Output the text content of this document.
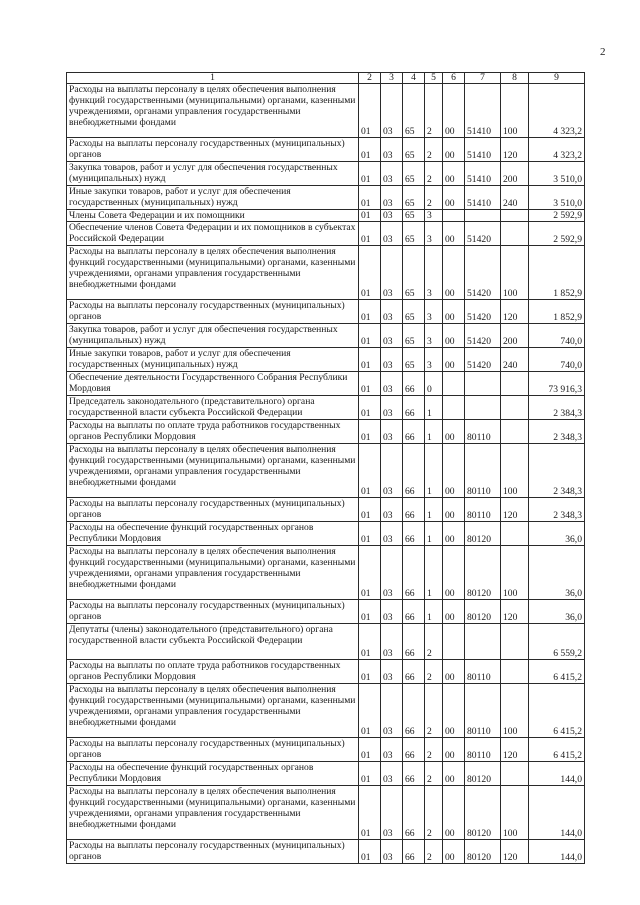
2
1	2	3	4	5	6	7	8	9
Расходы на выплаты персоналу в целях обеспечения выполнения функций государственными (муниципальными) органами, казенными учреждениями, органами управления государственными внебюджетными фондами	01	03	65	2	00	51410	100	4 323,2
Расходы на выплаты персоналу государственных (муниципальных) органов	01	03	65	2	00	51410	120	4 323,2
Закупка товаров, работ и услуг для обеспечения государственных (муниципальных) нужд	01	03	65	2	00	51410	200	3 510,0
Иные закупки товаров, работ и услуг для обеспечения государственных (муниципальных) нужд	01	03	65	2	00	51410	240	3 510,0
Члены Совета Федерации и их помощники	01	03	65	3				2 592,9
Обеспечение членов Совета Федерации и их помощников в субъектах Российской Федерации	01	03	65	3	00	51420		2 592,9
Расходы на выплаты персоналу в целях обеспечения выполнения функций государственными (муниципальными) органами, казенными учреждениями, органами управления государственными внебюджетными фондами	01	03	65	3	00	51420	100	1 852,9
Расходы на выплаты персоналу государственных (муниципальных) органов	01	03	65	3	00	51420	120	1 852,9
Закупка товаров, работ и услуг для обеспечения государственных (муниципальных) нужд	01	03	65	3	00	51420	200	740,0
Иные закупки товаров, работ и услуг для обеспечения государственных (муниципальных) нужд	01	03	65	3	00	51420	240	740,0
Обеспечение деятельности Государственного Собрания Республики Мордовия	01	03	66	0				73 916,3
Председатель законодательного (представительного) органа государственной власти субъекта Российской Федерации	01	03	66	1				2 384,3
Расходы на выплаты по оплате труда работников государственных органов Республики Мордовия	01	03	66	1	00	80110		2 348,3
Расходы на выплаты персоналу в целях обеспечения выполнения функций государственными (муниципальными) органами, казенными учреждениями, органами управления государственными внебюджетными фондами	01	03	66	1	00	80110	100	2 348,3
Расходы на выплаты персоналу государственных (муниципальных) органов	01	03	66	1	00	80110	120	2 348,3
Расходы на обеспечение функций государственных органов Республики Мордовия	01	03	66	1	00	80120		36,0
Расходы на выплаты персоналу в целях обеспечения выполнения функций государственными (муниципальными) органами, казенными учреждениями, органами управления государственными внебюджетными фондами	01	03	66	1	00	80120	100	36,0
Расходы на выплаты персоналу государственных (муниципальных) органов	01	03	66	1	00	80120	120	36,0
Депутаты (члены) законодательного (представительного) органа государственной власти субъекта Российской Федерации	01	03	66	2				6 559,2
Расходы на выплаты по оплате труда работников государственных органов Республики Мордовия	01	03	66	2	00	80110		6 415,2
Расходы на выплаты персоналу в целях обеспечения выполнения функций государственными (муниципальными) органами, казенными учреждениями, органами управления государственными внебюджетными фондами	01	03	66	2	00	80110	100	6 415,2
Расходы на выплаты персоналу государственных (муниципальных) органов	01	03	66	2	00	80110	120	6 415,2
Расходы на обеспечение функций государственных органов Республики Мордовия	01	03	66	2	00	80120		144,0
Расходы на выплаты персоналу в целях обеспечения выполнения функций государственными (муниципальными) органами, казенными учреждениями, органами управления государственными внебюджетными фондами	01	03	66	2	00	80120	100	144,0
Расходы на выплаты персоналу государственных (муниципальных) органов	01	03	66	2	00	80120	120	144,0
